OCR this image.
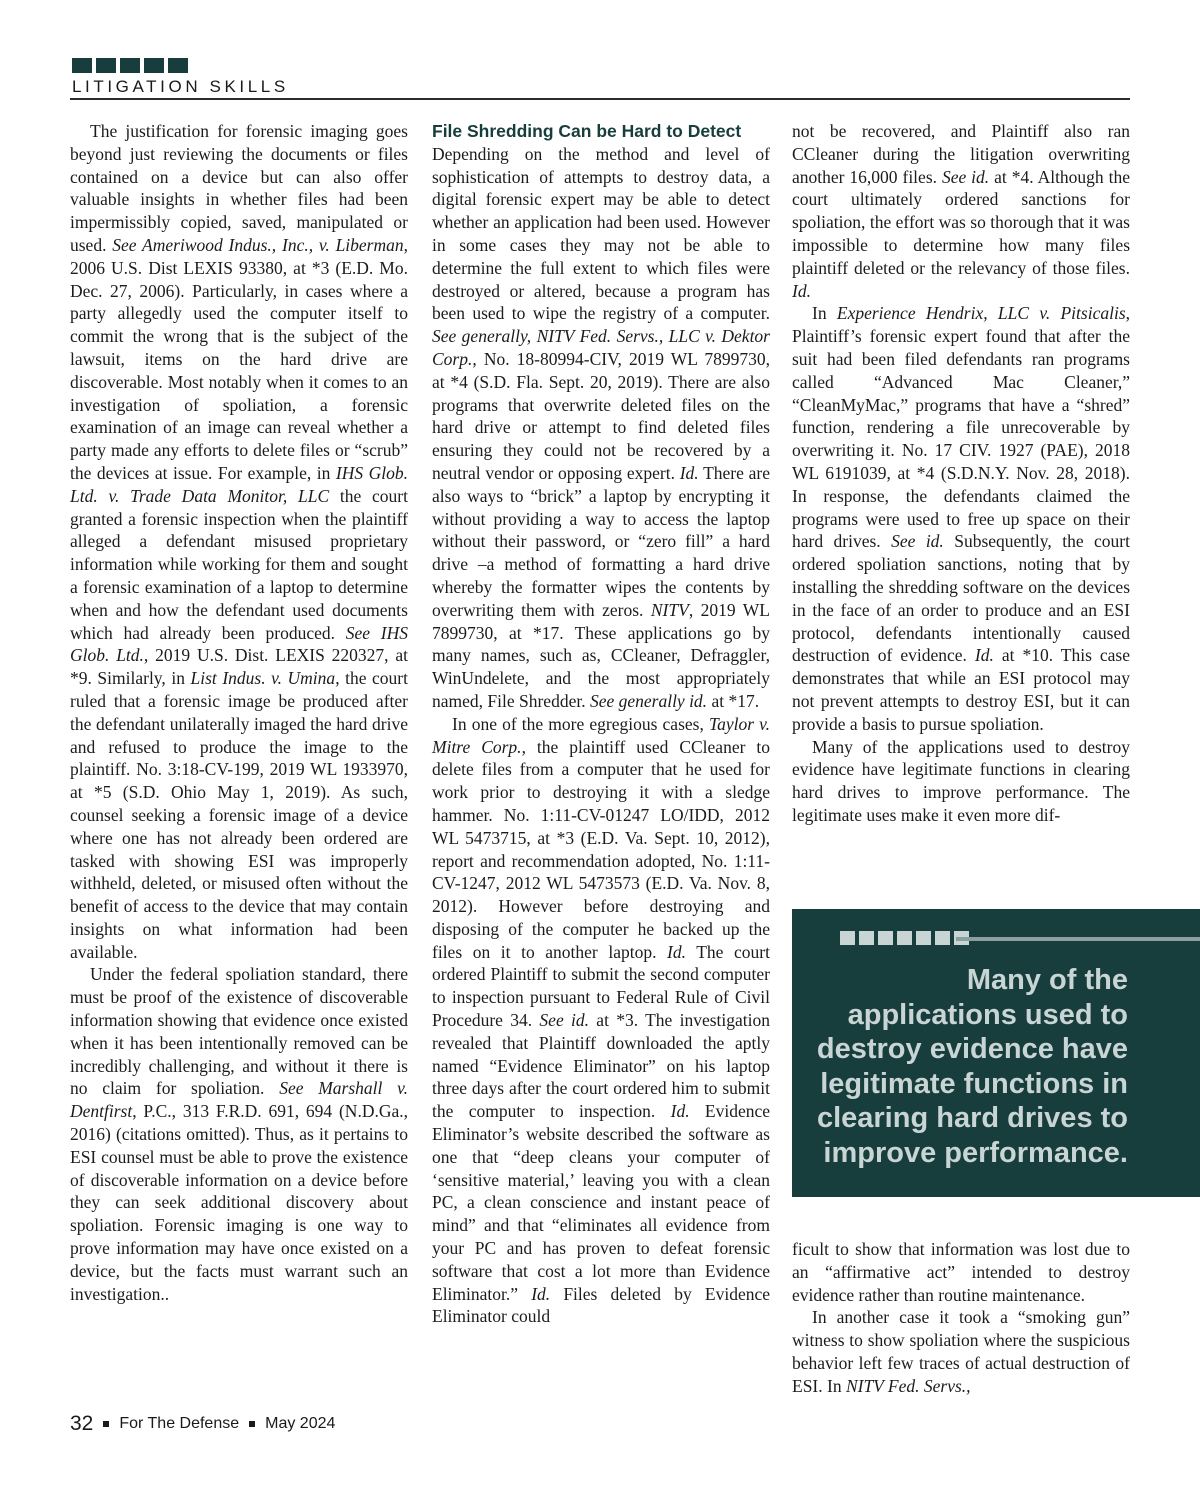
LITIGATION SKILLS

The justification for forensic imaging goes beyond just reviewing the documents or files contained on a device but can also offer valuable insights in whether files had been impermissibly copied, saved, manipulated or used. See Ameriwood Indus., Inc., v. Liberman, 2006 U.S. Dist LEXIS 93380, at *3 (E.D. Mo. Dec. 27, 2006). Particularly, in cases where a party allegedly used the computer itself to commit the wrong that is the subject of the lawsuit, items on the hard drive are discoverable. Most notably when it comes to an investigation of spoliation, a forensic examination of an image can reveal whether a party made any efforts to delete files or “scrub” the devices at issue. For example, in IHS Glob. Ltd. v. Trade Data Monitor, LLC the court granted a forensic inspection when the plaintiff alleged a defendant misused proprietary information while working for them and sought a forensic examination of a laptop to determine when and how the defendant used documents which had already been produced. See IHS Glob. Ltd., 2019 U.S. Dist. LEXIS 220327, at *9. Similarly, in List Indus. v. Umina, the court ruled that a forensic image be produced after the defendant unilaterally imaged the hard drive and refused to produce the image to the plaintiff. No. 3:18-CV-199, 2019 WL 1933970, at *5 (S.D. Ohio May 1, 2019). As such, counsel seeking a forensic image of a device where one has not already been ordered are tasked with showing ESI was improperly withheld, deleted, or misused often without the benefit of access to the device that may contain insights on what information had been available.

Under the federal spoliation standard, there must be proof of the existence of discoverable information showing that evidence once existed when it has been intentionally removed can be incredibly challenging, and without it there is no claim for spoliation. See Marshall v. Dentfirst, P.C., 313 F.R.D. 691, 694 (N.D.Ga., 2016) (citations omitted). Thus, as it pertains to ESI counsel must be able to prove the existence of discoverable information on a device before they can seek additional discovery about spoliation. Forensic imaging is one way to prove information may have once existed on a device, but the facts must warrant such an investigation..

File Shredding Can be Hard to Detect

Depending on the method and level of sophistication of attempts to destroy data, a digital forensic expert may be able to detect whether an application had been used. However in some cases they may not be able to determine the full extent to which files were destroyed or altered, because a program has been used to wipe the registry of a computer. See generally, NITV Fed. Servs., LLC v. Dektor Corp., No. 18-80994-CIV, 2019 WL 7899730, at *4 (S.D. Fla. Sept. 20, 2019). There are also programs that overwrite deleted files on the hard drive or attempt to find deleted files ensuring they could not be recovered by a neutral vendor or opposing expert. Id. There are also ways to “brick” a laptop by encrypting it without providing a way to access the laptop without their password, or “zero fill” a hard drive –a method of formatting a hard drive whereby the formatter wipes the contents by overwriting them with zeros. NITV, 2019 WL 7899730, at *17. These applications go by many names, such as, CCleaner, Defraggler, WinUndelete, and the most appropriately named, File Shredder. See generally id. at *17.

In one of the more egregious cases, Taylor v. Mitre Corp., the plaintiff used CCleaner to delete files from a computer that he used for work prior to destroying it with a sledge hammer. No. 1:11-CV-01247 LO/IDD, 2012 WL 5473715, at *3 (E.D. Va. Sept. 10, 2012), report and recommendation adopted, No. 1:11-CV-1247, 2012 WL 5473573 (E.D. Va. Nov. 8, 2012). However before destroying and disposing of the computer he backed up the files on it to another laptop. Id. The court ordered Plaintiff to submit the second computer to inspection pursuant to Federal Rule of Civil Procedure 34. See id. at *3. The investigation revealed that Plaintiff downloaded the aptly named “Evidence Eliminator” on his laptop three days after the court ordered him to submit the computer to inspection. Id. Evidence Eliminator’s website described the software as one that “deep cleans your computer of ‘sensitive material,’ leaving you with a clean PC, a clean conscience and instant peace of mind” and that “eliminates all evidence from your PC and has proven to defeat forensic software that cost a lot more than Evidence Eliminator.” Id. Files deleted by Evidence Eliminator could

not be recovered, and Plaintiff also ran CCleaner during the litigation overwriting another 16,000 files. See id. at *4. Although the court ultimately ordered sanctions for spoliation, the effort was so thorough that it was impossible to determine how many files plaintiff deleted or the relevancy of those files. Id.

In Experience Hendrix, LLC v. Pitsicalis, Plaintiff’s forensic expert found that after the suit had been filed defendants ran programs called “Advanced Mac Cleaner,” “CleanMyMac,” programs that have a “shred” function, rendering a file unrecoverable by overwriting it. No. 17 CIV. 1927 (PAE), 2018 WL 6191039, at *4 (S.D.N.Y. Nov. 28, 2018). In response, the defendants claimed the programs were used to free up space on their hard drives. See id. Subsequently, the court ordered spoliation sanctions, noting that by installing the shredding software on the devices in the face of an order to produce and an ESI protocol, defendants intentionally caused destruction of evidence. Id. at *10. This case demonstrates that while an ESI protocol may not prevent attempts to destroy ESI, but it can provide a basis to pursue spoliation.

Many of the applications used to destroy evidence have legitimate functions in clearing hard drives to improve performance. The legitimate uses make it even more dif-

Many of the applications used to destroy evidence have legitimate functions in clearing hard drives to improve performance.

ficult to show that information was lost due to an “affirmative act” intended to destroy evidence rather than routine maintenance.

In another case it took a “smoking gun” witness to show spoliation where the suspicious behavior left few traces of actual destruction of ESI. In NITV Fed. Servs.,

32 For The Defense May 2024
